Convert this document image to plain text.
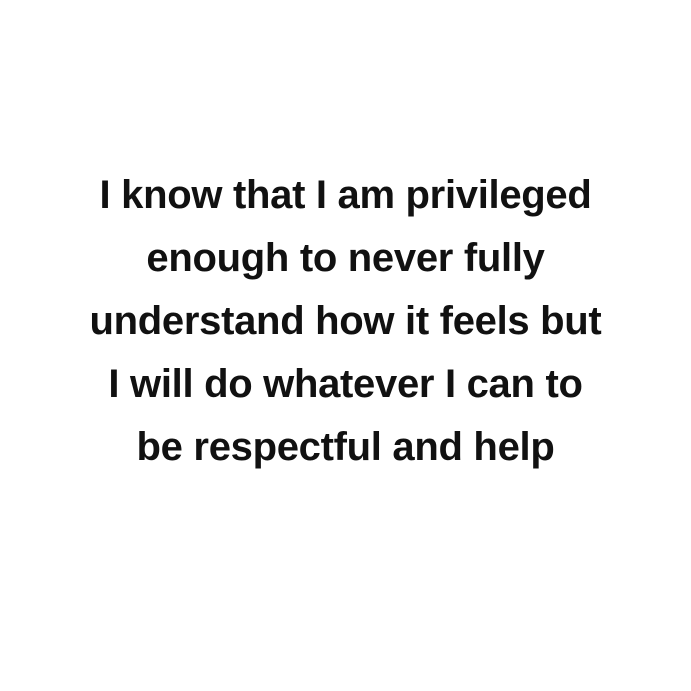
I know that I am privileged
enough to never fully
understand how it feels but
I will do whatever I can to
be respectful and help
